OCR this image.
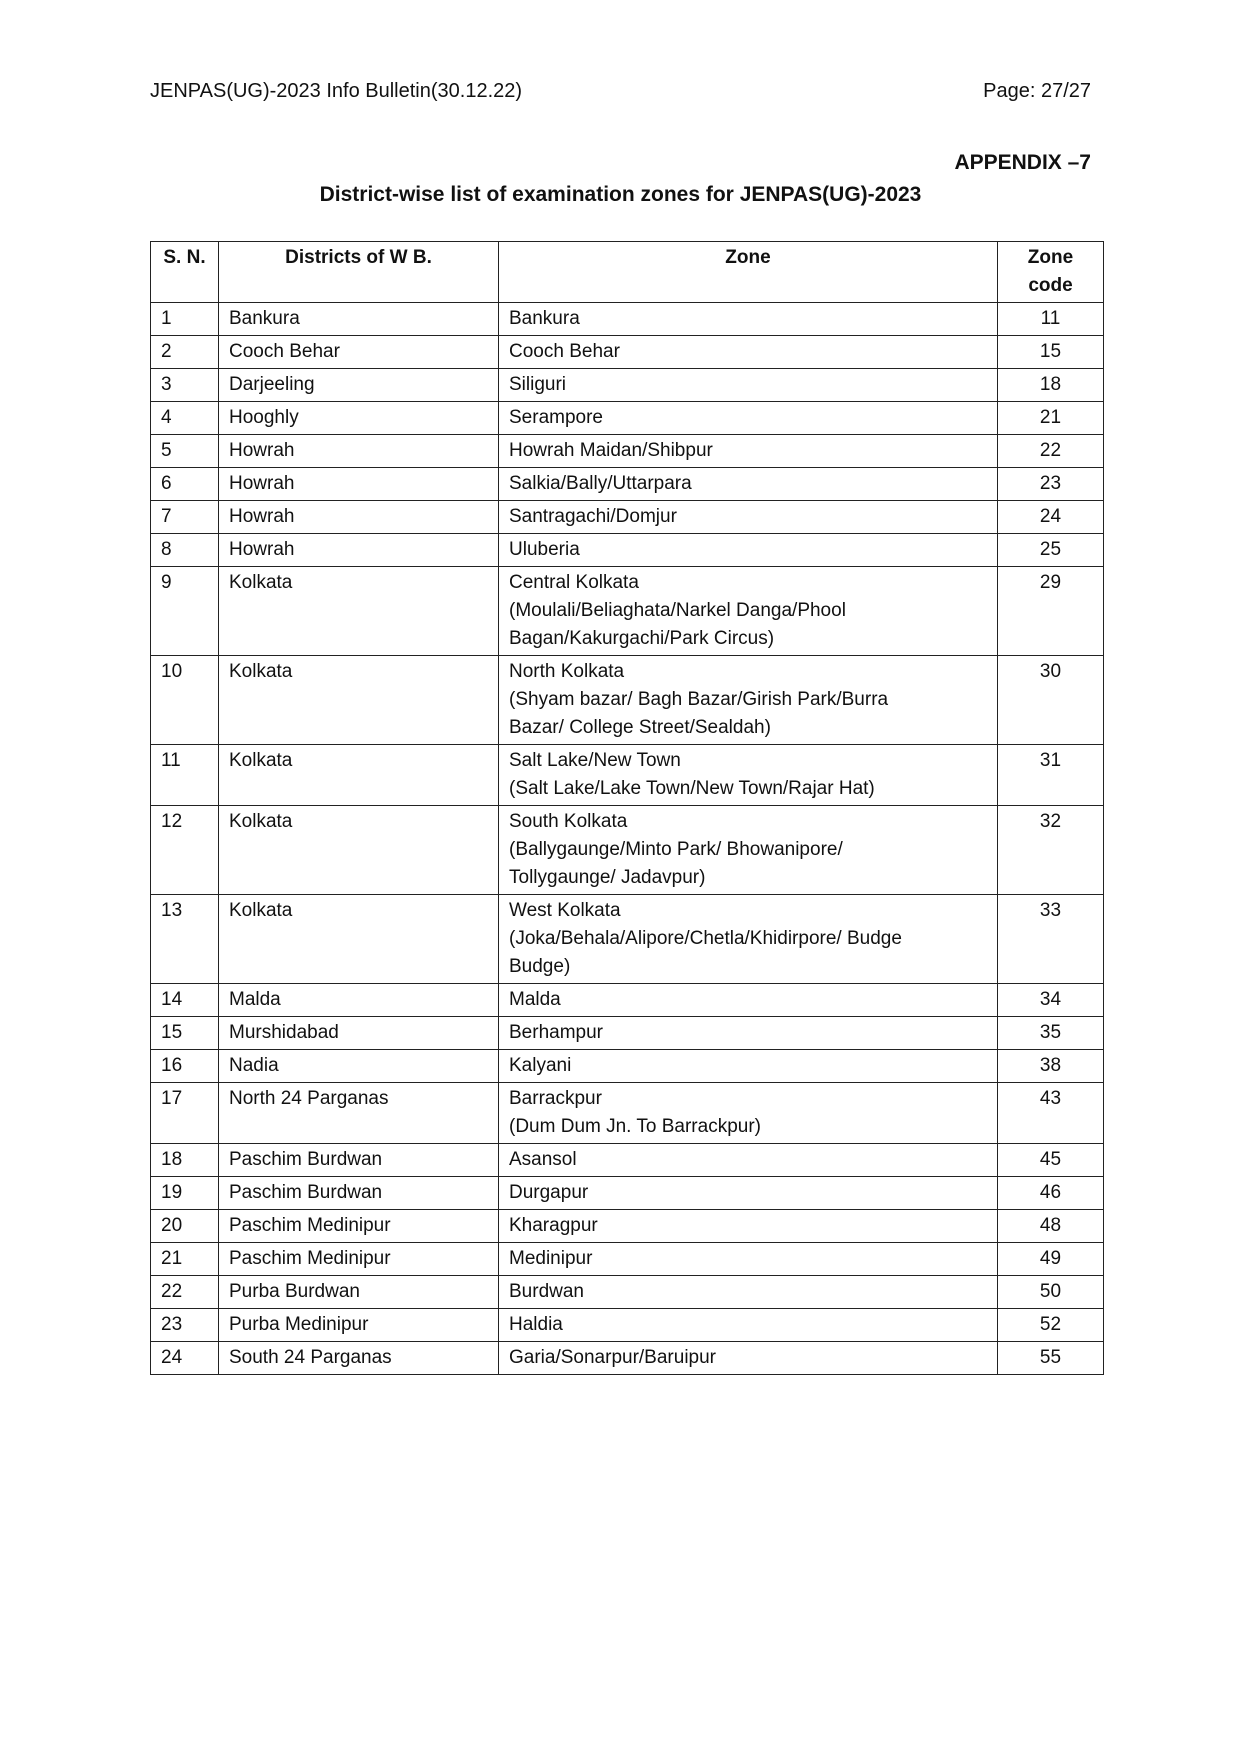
JENPAS(UG)-2023 Info Bulletin(30.12.22)	Page: 27/27
APPENDIX –7
District-wise list of examination zones for JENPAS(UG)-2023
S. N.	Districts of W B.	Zone	Zone
code

1	Bankura	Bankura	11
2	Cooch Behar	Cooch Behar	15
3	Darjeeling	Siliguri	18
4	Hooghly	Serampore	21
5	Howrah	Howrah Maidan/Shibpur	22
6	Howrah	Salkia/Bally/Uttarpara	23
7	Howrah	Santragachi/Domjur	24
8	Howrah	Uluberia	25
9	Kolkata	Central Kolkata
(Moulali/Beliaghata/Narkel Danga/Phool
Bagan/Kakurgachi/Park Circus)	29
10	Kolkata	North Kolkata
(Shyam bazar/ Bagh Bazar/Girish Park/Burra
Bazar/ College Street/Sealdah)	30
11	Kolkata	Salt Lake/New Town
(Salt Lake/Lake Town/New Town/Rajar Hat)	31
12	Kolkata	South Kolkata
(Ballygaunge/Minto Park/ Bhowanipore/
Tollygaunge/ Jadavpur)	32
13	Kolkata	West Kolkata
(Joka/Behala/Alipore/Chetla/Khidirpore/ Budge
Budge)	33
14	Malda	Malda	34
15	Murshidabad	Berhampur	35
16	Nadia	Kalyani	38
17	North 24 Parganas	Barrackpur
(Dum Dum Jn. To Barrackpur)	43
18	Paschim Burdwan	Asansol	45
19	Paschim Burdwan	Durgapur	46
20	Paschim Medinipur	Kharagpur	48
21	Paschim Medinipur	Medinipur	49
22	Purba Burdwan	Burdwan	50
23	Purba Medinipur	Haldia	52
24	South 24 Parganas	Garia/Sonarpur/Baruipur	55
